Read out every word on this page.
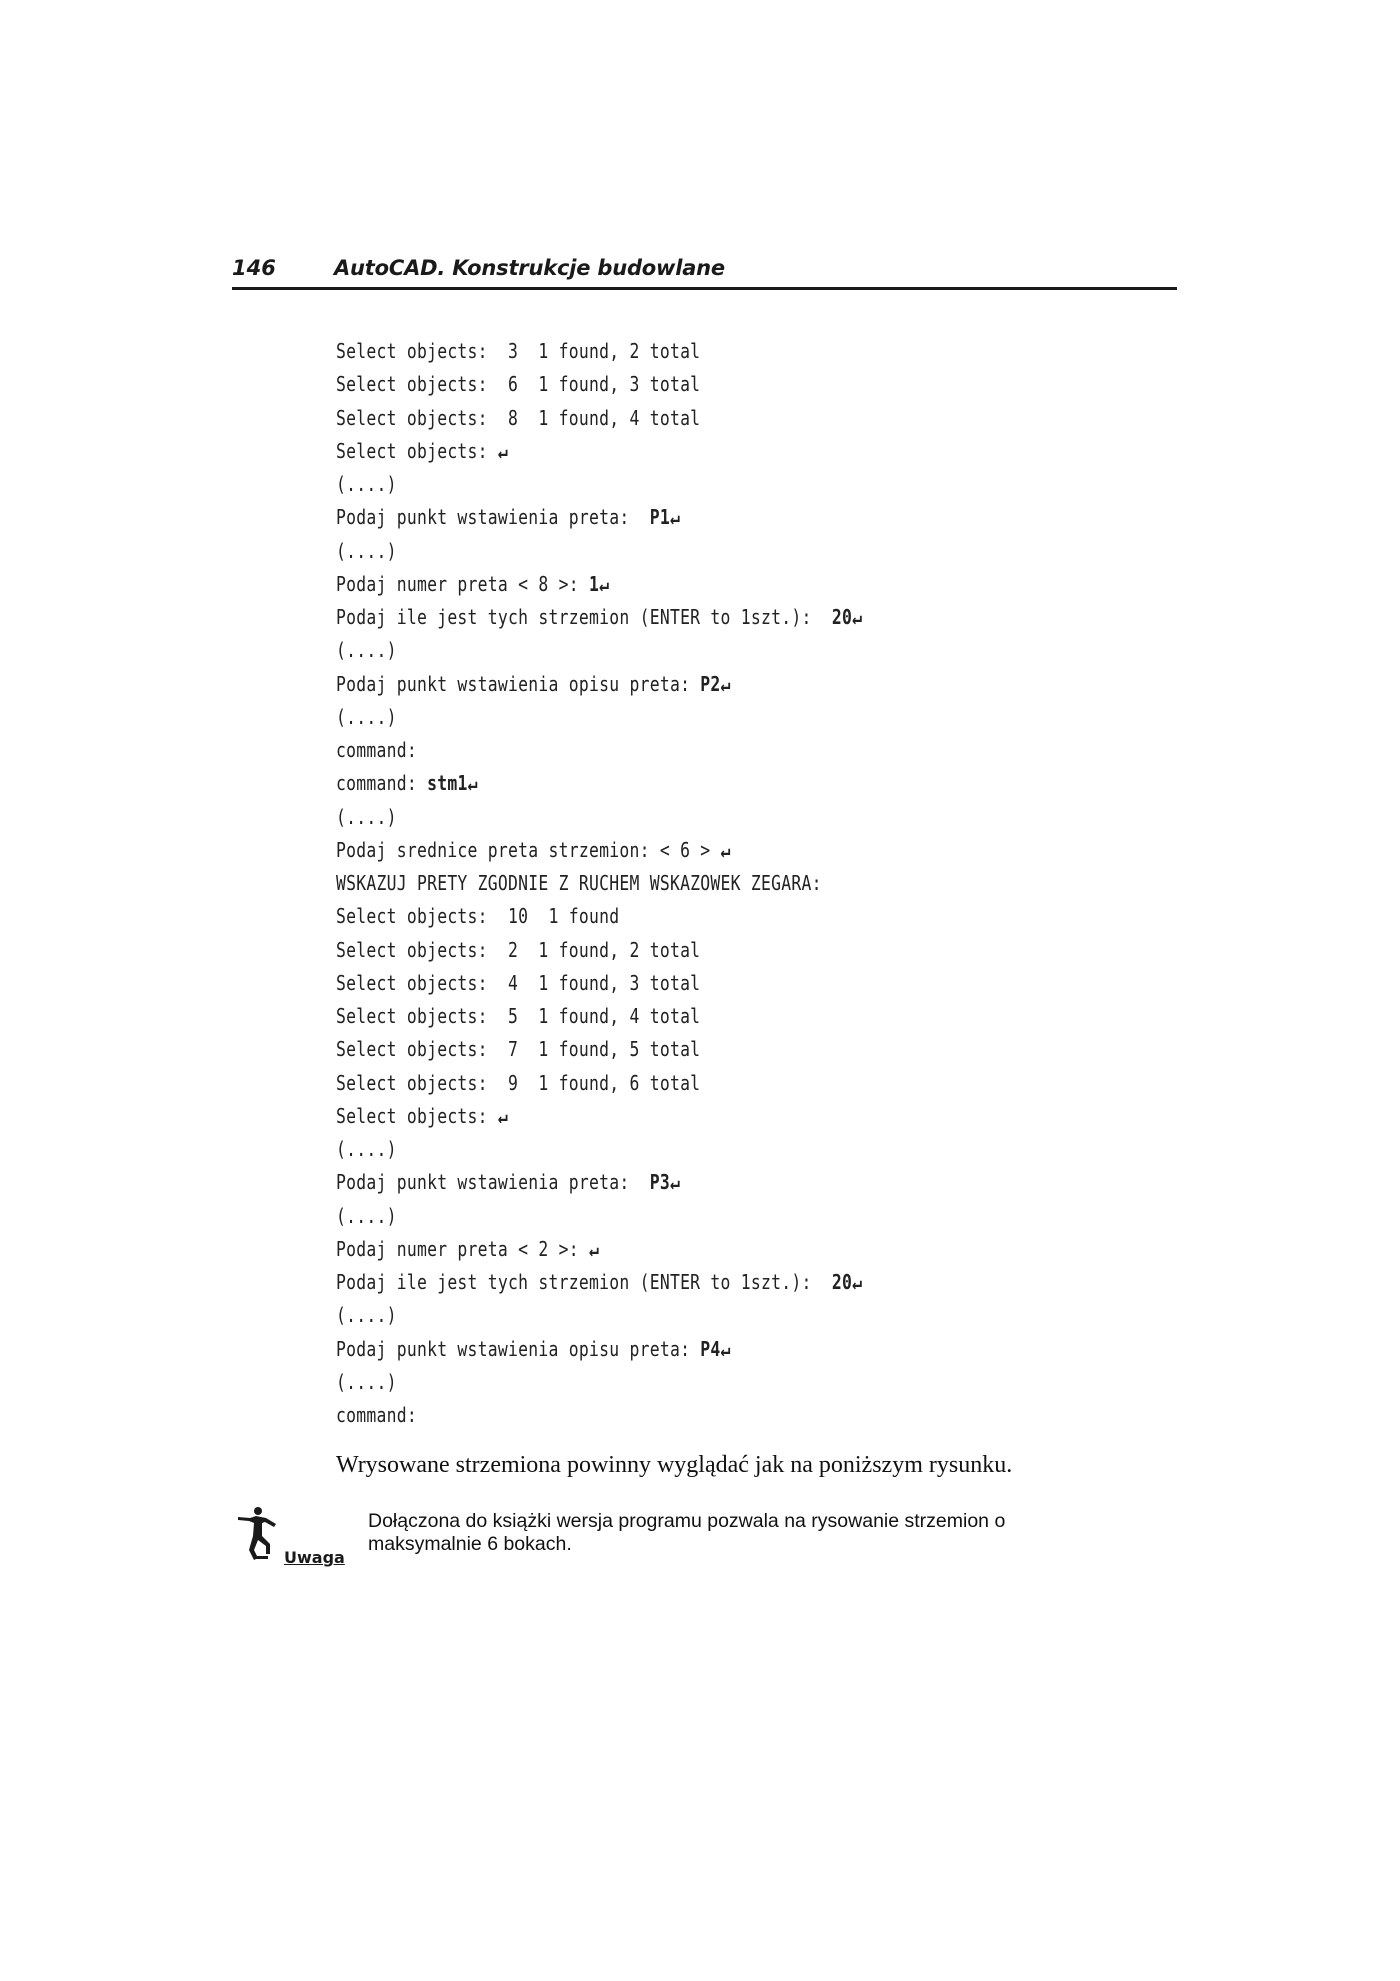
146	AutoCAD. Konstrukcje budowlane
Select objects:  3  1 found, 2 total
Select objects:  6  1 found, 3 total
Select objects:  8  1 found, 4 total
Select objects: ↵
(....)
Podaj punkt wstawienia preta:  P1↵
(....)
Podaj numer preta < 8 >: 1↵
Podaj ile jest tych strzemion (ENTER to 1szt.):  20↵
(....)
Podaj punkt wstawienia opisu preta: P2↵
(....)
command:
command: stm1↵
(....)
Podaj srednice preta strzemion: < 6 > ↵
WSKAZUJ PRETY ZGODNIE Z RUCHEM WSKAZOWEK ZEGARA:
Select objects:  10  1 found
Select objects:  2  1 found, 2 total
Select objects:  4  1 found, 3 total
Select objects:  5  1 found, 4 total
Select objects:  7  1 found, 5 total
Select objects:  9  1 found, 6 total
Select objects: ↵
(....)
Podaj punkt wstawienia preta:  P3↵
(....)
Podaj numer preta < 2 >: ↵
Podaj ile jest tych strzemion (ENTER to 1szt.):  20↵
(....)
Podaj punkt wstawienia opisu preta: P4↵
(....)
command:
Wrysowane strzemiona powinny wyglądać jak na poniższym rysunku.
Uwaga
Dołączona do książki wersja programu pozwala na rysowanie strzemion o maksymalnie 6 bokach.
